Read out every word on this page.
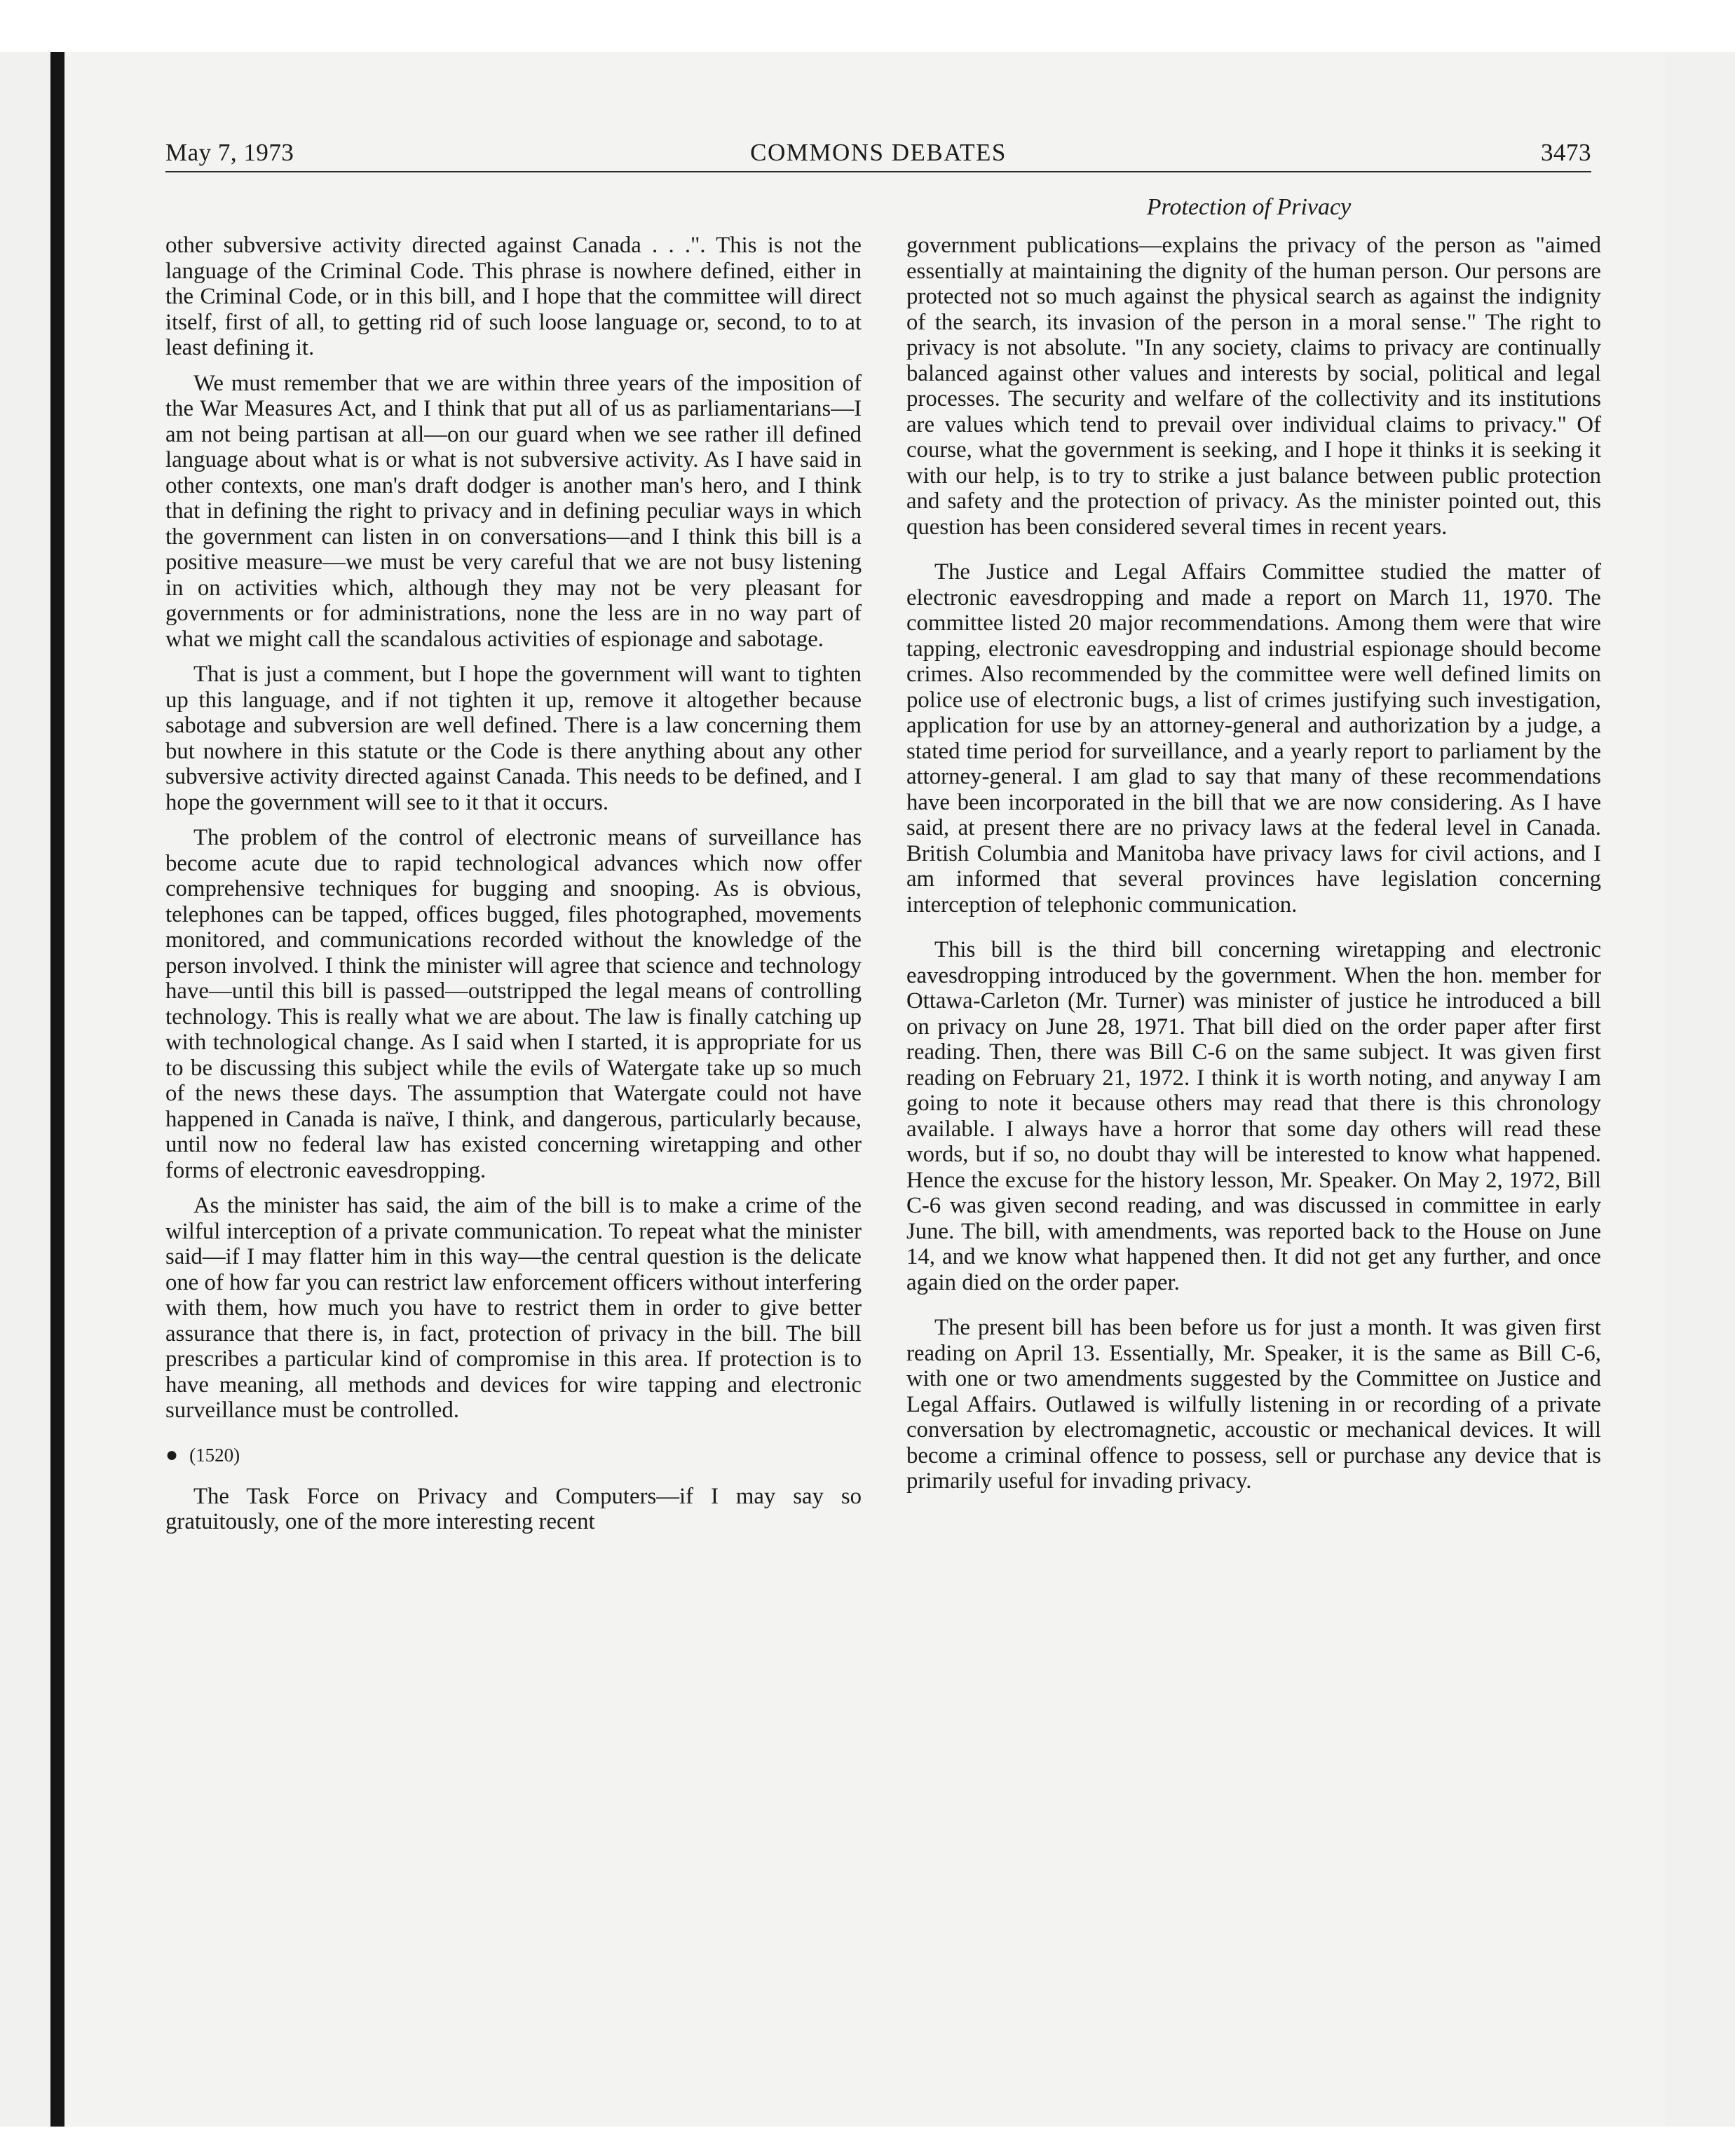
May 7, 1973	COMMONS DEBATES	3473
Protection of Privacy

other subversive activity directed against Canada . . .". This is not the language of the Criminal Code. This phrase is nowhere defined, either in the Criminal Code, or in this bill, and I hope that the committee will direct itself, first of all, to getting rid of such loose language or, second, to to at least defining it.

We must remember that we are within three years of the imposition of the War Measures Act, and I think that put all of us as parliamentarians—I am not being partisan at all—on our guard when we see rather ill defined language about what is or what is not subversive activity. As I have said in other contexts, one man's draft dodger is another man's hero, and I think that in defining the right to privacy and in defining peculiar ways in which the government can listen in on conversations—and I think this bill is a positive measure—we must be very careful that we are not busy listening in on activities which, although they may not be very pleasant for governments or for administrations, none the less are in no way part of what we might call the scandalous activities of espionage and sabotage.

That is just a comment, but I hope the government will want to tighten up this language, and if not tighten it up, remove it altogether because sabotage and subversion are well defined. There is a law concerning them but nowhere in this statute or the Code is there anything about any other subversive activity directed against Canada. This needs to be defined, and I hope the government will see to it that it occurs.

The problem of the control of electronic means of surveillance has become acute due to rapid technological advances which now offer comprehensive techniques for bugging and snooping. As is obvious, telephones can be tapped, offices bugged, files photographed, movements monitored, and communications recorded without the knowledge of the person involved. I think the minister will agree that science and technology have—until this bill is passed—outstripped the legal means of controlling technology. This is really what we are about. The law is finally catching up with technological change. As I said when I started, it is appropriate for us to be discussing this subject while the evils of Watergate take up so much of the news these days. The assumption that Watergate could not have happened in Canada is naïve, I think, and dangerous, particularly because, until now no federal law has existed concerning wiretapping and other forms of electronic eavesdropping.

As the minister has said, the aim of the bill is to make a crime of the wilful interception of a private communication. To repeat what the minister said—if I may flatter him in this way—the central question is the delicate one of how far you can restrict law enforcement officers without interfering with them, how much you have to restrict them in order to give better assurance that there is, in fact, protection of privacy in the bill. The bill prescribes a particular kind of compromise in this area. If protection is to have meaning, all methods and devices for wire tapping and electronic surveillance must be controlled.

● (1520)

The Task Force on Privacy and Computers—if I may say so gratuitously, one of the more interesting recent

government publications—explains the privacy of the person as "aimed essentially at maintaining the dignity of the human person. Our persons are protected not so much against the physical search as against the indignity of the search, its invasion of the person in a moral sense." The right to privacy is not absolute. "In any society, claims to privacy are continually balanced against other values and interests by social, political and legal processes. The security and welfare of the collectivity and its institutions are values which tend to prevail over individual claims to privacy." Of course, what the government is seeking, and I hope it thinks it is seeking it with our help, is to try to strike a just balance between public protection and safety and the protection of privacy. As the minister pointed out, this question has been considered several times in recent years.

The Justice and Legal Affairs Committee studied the matter of electronic eavesdropping and made a report on March 11, 1970. The committee listed 20 major recommendations. Among them were that wire tapping, electronic eavesdropping and industrial espionage should become crimes. Also recommended by the committee were well defined limits on police use of electronic bugs, a list of crimes justifying such investigation, application for use by an attorney-general and authorization by a judge, a stated time period for surveillance, and a yearly report to parliament by the attorney-general. I am glad to say that many of these recommendations have been incorporated in the bill that we are now considering. As I have said, at present there are no privacy laws at the federal level in Canada. British Columbia and Manitoba have privacy laws for civil actions, and I am informed that several provinces have legislation concerning interception of telephonic communication.

This bill is the third bill concerning wiretapping and electronic eavesdropping introduced by the government. When the hon. member for Ottawa-Carleton (Mr. Turner) was minister of justice he introduced a bill on privacy on June 28, 1971. That bill died on the order paper after first reading. Then, there was Bill C-6 on the same subject. It was given first reading on February 21, 1972. I think it is worth noting, and anyway I am going to note it because others may read that there is this chronology available. I always have a horror that some day others will read these words, but if so, no doubt thay will be interested to know what happened. Hence the excuse for the history lesson, Mr. Speaker. On May 2, 1972, Bill C-6 was given second reading, and was discussed in committee in early June. The bill, with amendments, was reported back to the House on June 14, and we know what happened then. It did not get any further, and once again died on the order paper.

The present bill has been before us for just a month. It was given first reading on April 13. Essentially, Mr. Speaker, it is the same as Bill C-6, with one or two amendments suggested by the Committee on Justice and Legal Affairs. Outlawed is wilfully listening in or recording of a private conversation by electromagnetic, accoustic or mechanical devices. It will become a criminal offence to possess, sell or purchase any device that is primarily useful for invading privacy.
